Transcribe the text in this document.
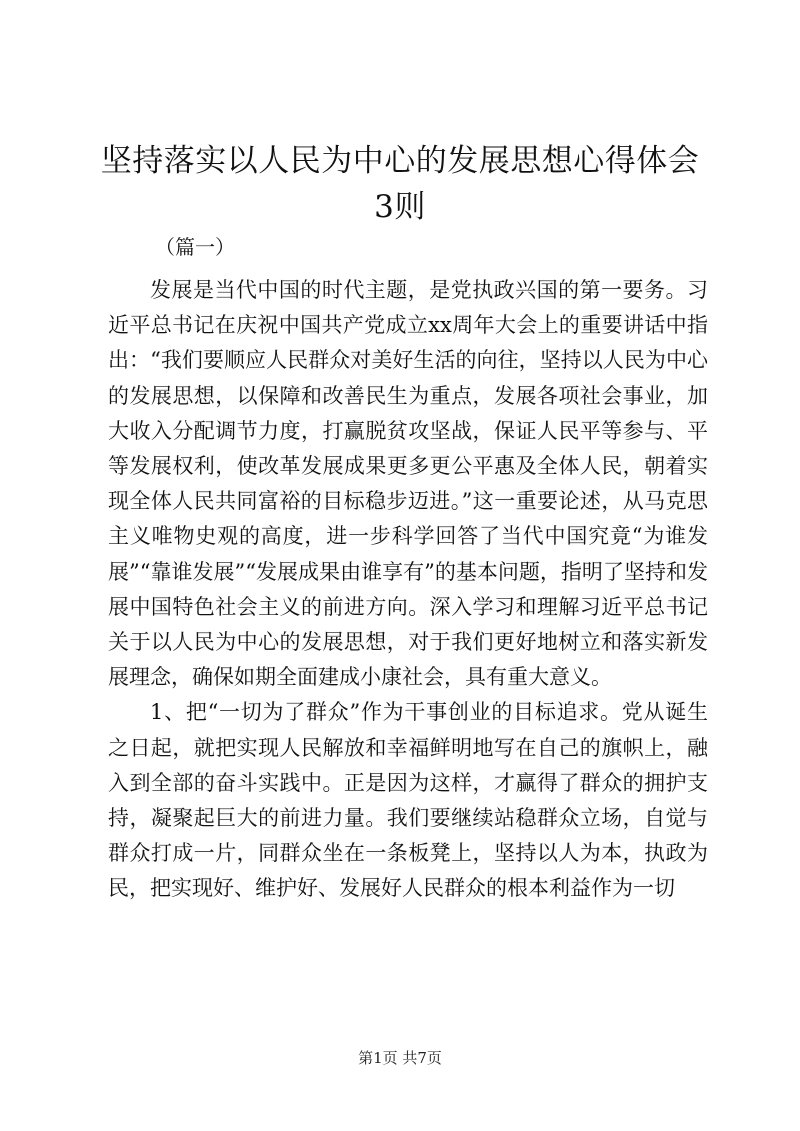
坚持落实以人民为中心的发展思想心得体会3则
（篇一）

发展是当代中国的时代主题，是党执政兴国的第一要务。习近平总书记在庆祝中国共产党成立xx周年大会上的重要讲话中指出：“我们要顺应人民群众对美好生活的向往，坚持以人民为中心的发展思想，以保障和改善民生为重点，发展各项社会事业，加大收入分配调节力度，打赢脱贫攻坚战，保证人民平等参与、平等发展权利，使改革发展成果更多更公平惠及全体人民，朝着实现全体人民共同富裕的目标稳步迈进。”这一重要论述，从马克思主义唯物史观的高度，进一步科学回答了当代中国究竟“为谁发展”“靠谁发展”“发展成果由谁享有”的基本问题，指明了坚持和发展中国特色社会主义的前进方向。深入学习和理解习近平总书记关于以人民为中心的发展思想，对于我们更好地树立和落实新发展理念，确保如期全面建成小康社会，具有重大意义。

1、把“一切为了群众”作为干事创业的目标追求。党从诞生之日起，就把实现人民解放和幸福鲜明地写在自己的旗帜上，融入到全部的奋斗实践中。正是因为这样，才赢得了群众的拥护支持，凝聚起巨大的前进力量。我们要继续站稳群众立场，自觉与群众打成一片，同群众坐在一条板凳上，坚持以人为本，执政为民，把实现好、维护好、发展好人民群众的根本利益作为一切

第1页 共7页
